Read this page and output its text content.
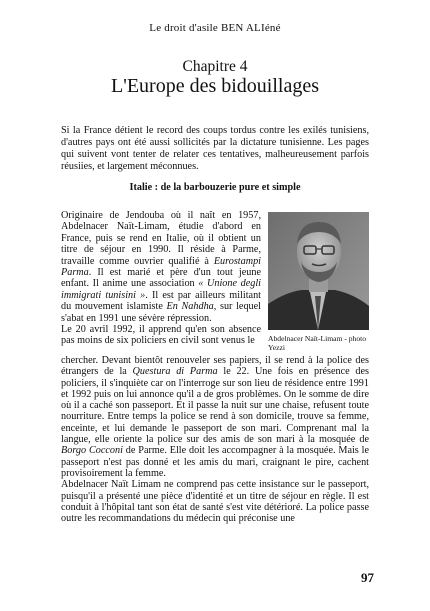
Le droit d'asile BEN ALIéné
Chapitre 4
L'Europe des bidouillages
Si la France détient le record des coups tordus contre les exilés tunisiens, d'autres pays ont été aussi sollicités par la dictature tunisienne. Les pages qui suivent vont tenter de relater ces tentatives, malheureusement parfois réusiies, et largement méconnues.
Italie : de la barbouzerie pure et simple

Originaire de Jendouba où il naît en 1957, Abdelnacer Naït-Limam, étudie d'abord en France, puis se rend en Italie, où il obtient un titre de séjour en 1990. Il réside à Parme, travaille comme ouvrier qualifié à Eurostampi Parma. Il est marié et père d'un tout jeune enfant. Il anime une association « Unione degli immigrati tunisini ». Il est par ailleurs militant du mouvement islamiste En Nahdha, sur lequel s'abat en 1991 une sévère répression.

Le 20 avril 1992, il apprend qu'en son absence pas moins de six policiers en civil sont venus le	Abdelnacer Naït-Limam - photo Yezzi

chercher. Devant bientôt renouveler ses papiers, il se rend à la police des étrangers de la Questura di Parma le 22. Une fois en présence des policiers, il s'inquiète car on l'interroge sur son lieu de résidence entre 1991 et 1992 puis on lui annonce qu'il a de gros problèmes. On le somme de dire où il a caché son passeport. Et il passe la nuit sur une chaise, refusent toute nourriture. Entre temps la police se rend à son domicile, trouve sa femme, enceinte, et lui demande le passeport de son mari. Comprenant mal la langue, elle oriente la police sur des amis de son mari à la mosquée de Borgo Cocconi de Parme. Elle doit les accompagner à la mosquée. Mais le passeport n'est pas donné et les amis du mari, craignant le pire, cachent provisoirement la femme.

Abdelnacer Naït Limam ne comprend pas cette insistance sur le passeport, puisqu'il a présenté une pièce d'identité et un titre de séjour en règle. Il est conduit à l'hôpital tant son état de santé s'est vite détérioré. La police passe outre les recommandations du médecin qui préconise une

97
